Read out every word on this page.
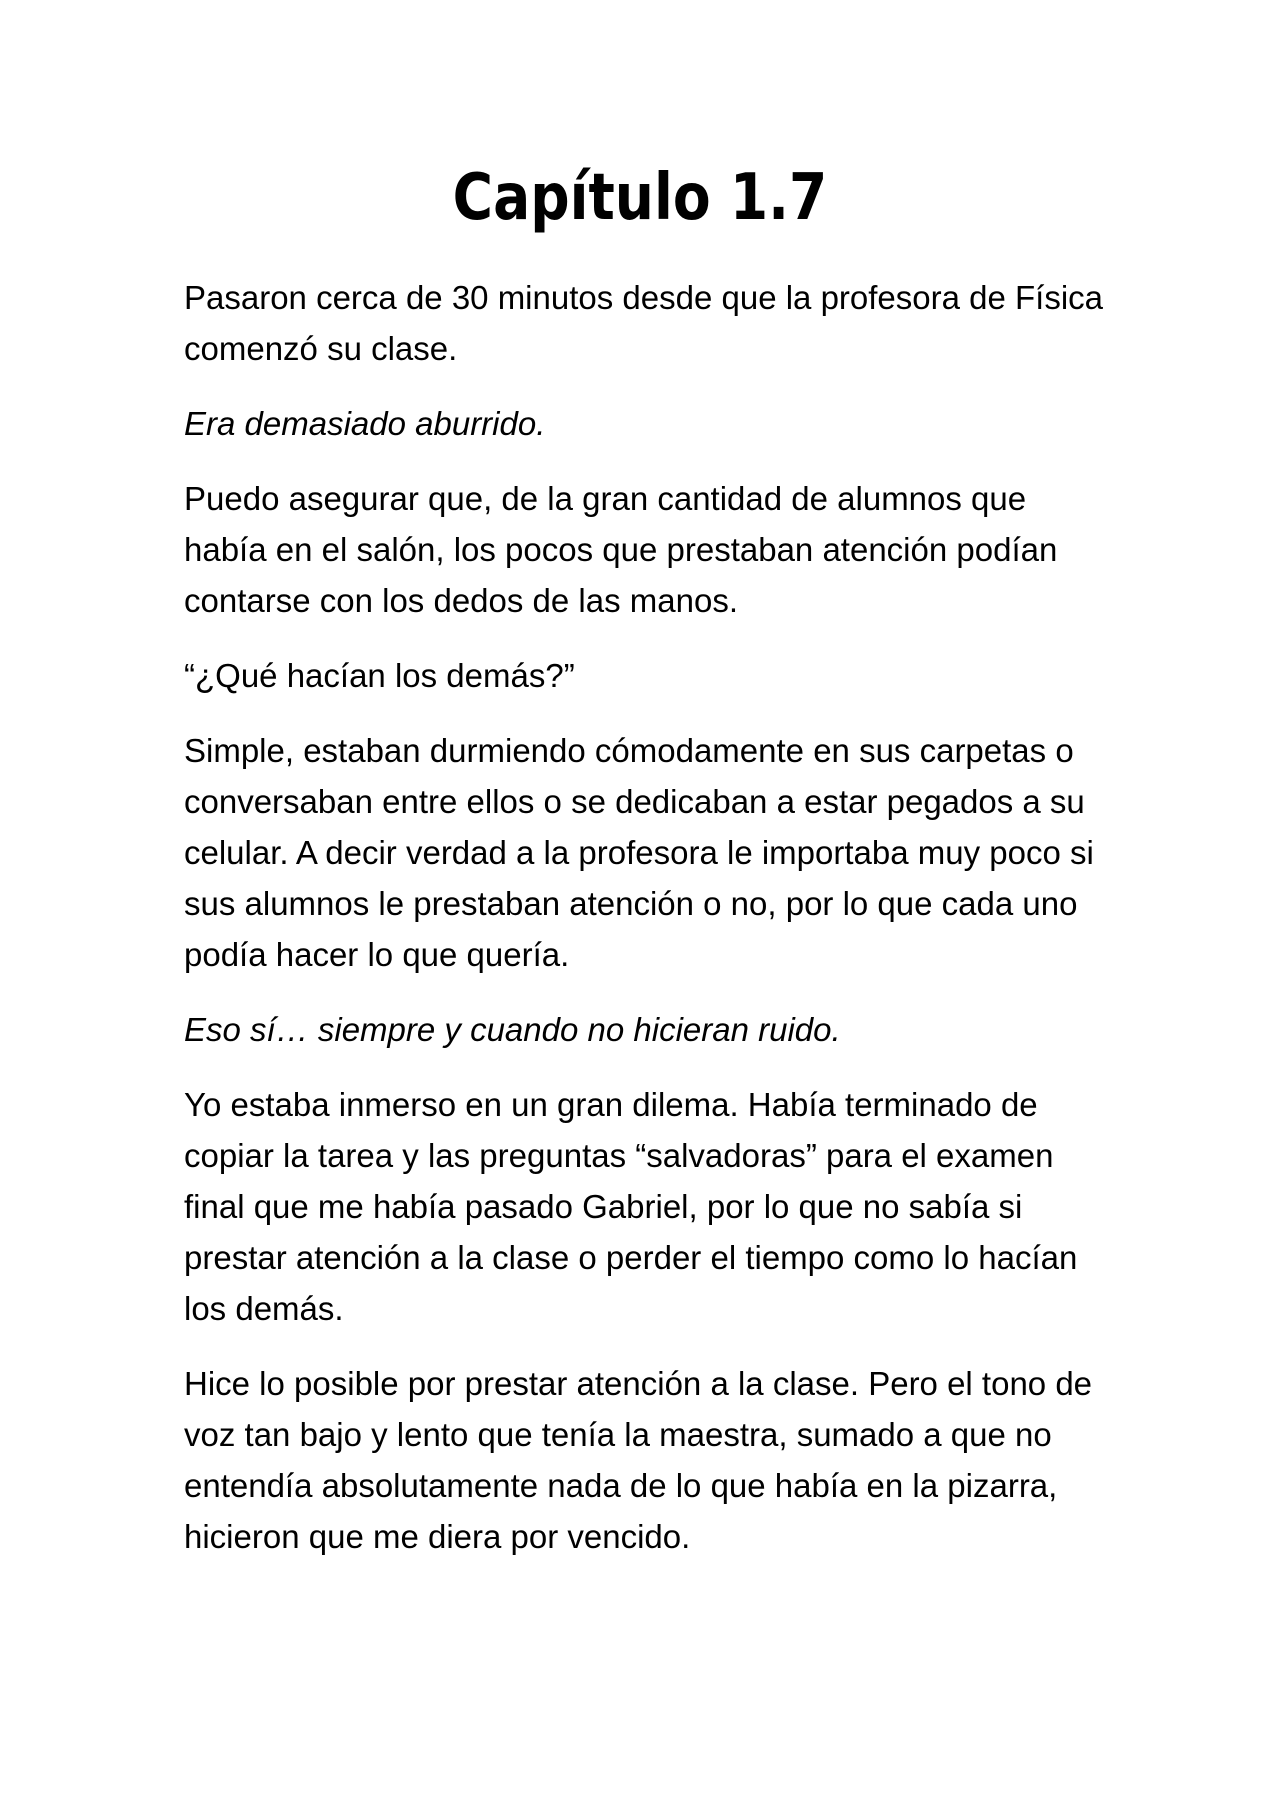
Capítulo 1.7

Pasaron cerca de 30 minutos desde que la profesora de Física comenzó su clase.

Era demasiado aburrido.

Puedo asegurar que, de la gran cantidad de alumnos que había en el salón, los pocos que prestaban atención podían contarse con los dedos de las manos.

“¿Qué hacían los demás?”

Simple, estaban durmiendo cómodamente en sus carpetas o conversaban entre ellos o se dedicaban a estar pegados a su celular. A decir verdad a la profesora le importaba muy poco si sus alumnos le prestaban atención o no, por lo que cada uno podía hacer lo que quería.

Eso sí… siempre y cuando no hicieran ruido.

Yo estaba inmerso en un gran dilema. Había terminado de copiar la tarea y las preguntas “salvadoras” para el examen final que me había pasado Gabriel, por lo que no sabía si prestar atención a la clase o perder el tiempo como lo hacían los demás.

Hice lo posible por prestar atención a la clase. Pero el tono de voz tan bajo y lento que tenía la maestra, sumado a que no entendía absolutamente nada de lo que había en la pizarra, hicieron que me diera por vencido.
